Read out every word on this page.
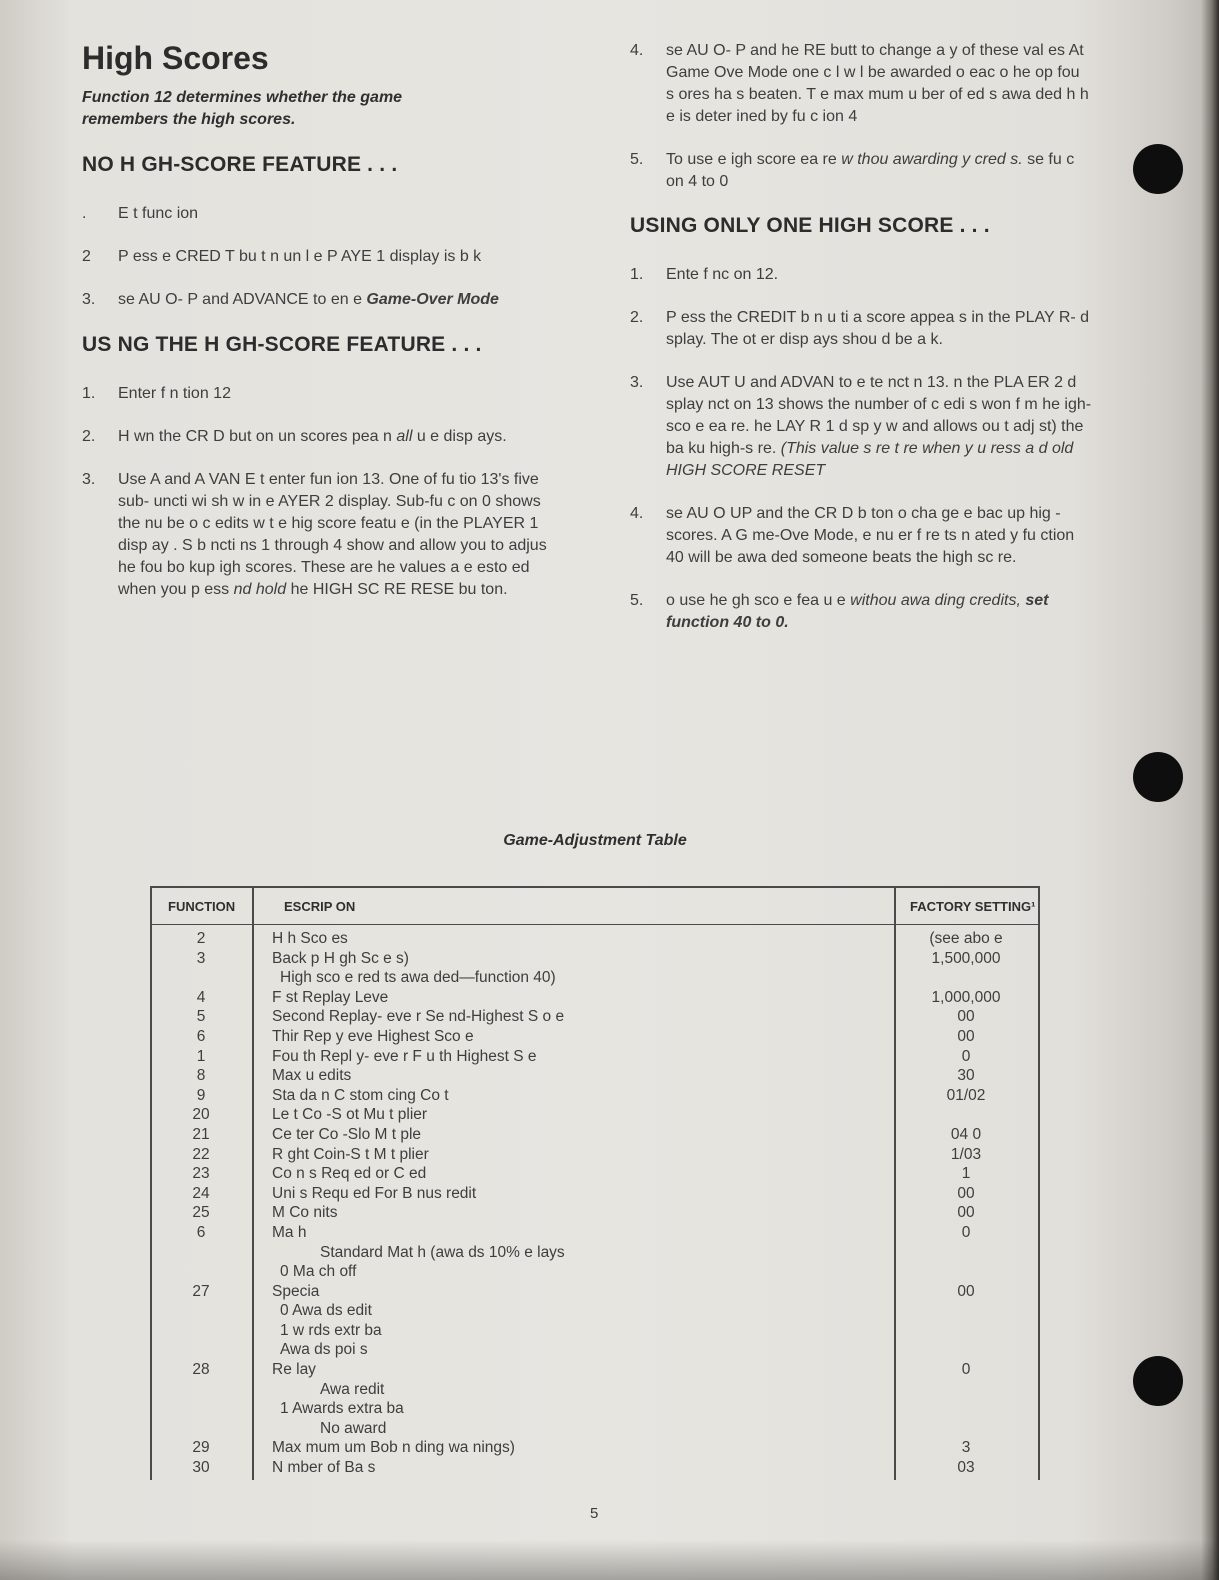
High Scores
Function 12 determines whether the game remembers the high scores.
NO H GH-SCORE FEATURE . . .
. E t func ion
2 P ess e CRED T bu t n un l e P AYE 1 display is b k
3. se AU O- P and ADVANCE to en e Game-Over Mode
US NG THE H GH-SCORE FEATURE . . .
1. Enter f n tion 12
2. H wn the CR D but on un scores pea n all u e disp ays.
3. Use A and A VAN E t enter fun ion 13. One of fu tio 13's five sub- uncti wi sh w in e AYER 2 display. Sub-fu c on 0 shows the nu be o c edits w t e hig score featu e (in the PLAYER 1 disp ay . S b ncti ns 1 through 4 show and allow you to adjus he fou bo kup igh scores. These are he values a e esto ed when you p ess nd hold he HIGH SC RE RESE bu ton.
4. se AU O- P and he RE butt to change a y of these val es At Game Ove Mode one c l w l be awarded o eac o he op fou s ores ha s beaten. T e max mum u ber of ed s awa ded h h e is deter ined by fu c ion 4
5. To use e igh score ea re w thou awarding y cred s. se fu c on 4 to 0
USING ONLY ONE HIGH SCORE . . .
1. Ente f nc on 12.
2. P ess the CREDIT b n u ti a score appea s in the PLAY R- d splay. The ot er disp ays shou d be a k.
3. Use AUT U and ADVAN to e te nct n 13. n the PLA ER 2 d splay nct on 13 shows the number of c edi s won f m he igh-sco e ea re. he LAY R 1 d sp y w and allows ou t adj st) the ba ku high-s re. (This value s re t re when y u ress a d old HIGH SCORE RESET
4. se AU O UP and the CR D b ton o cha ge e bac up hig -scores. A G me-Ove Mode, e nu er f re ts n ated y fu ction 40 will be awa ded someone beats the high sc re.
5. o use he gh sco e fea u e withou awa ding credits, set function 40 to 0.
Game-Adjustment Table
FUNCTION	ESCRIP ON	FACTORY SETTING¹
2	H h Sco es	(see abo e
3	Back p H gh Sc e s)	1,500,000
High sco e red ts awa ded—function 40)
4	F st Replay Leve	1,000,000
5	Second Replay- eve r Se nd-Highest S o e	00
6	Thir Rep y eve Highest Sco e	00
1	Fou th Repl y- eve r F u th Highest S e	0
8	Max u edits	30
9	Sta da n C stom cing Co t	01/02
20	Le t Co -S ot Mu t plier
21	Ce ter Co -Slo M t ple	04 0
22	R ght Coin-S t M t plier	1/03
23	Co n s Req ed or C ed	1
24	Uni s Requ ed For B nus redit	00
25	M Co nits	00
6	Ma h	0
Standard Mat h (awa ds 10% e lays
0 Ma ch off
27	Specia	00
0 Awa ds edit
1 w rds extr ba
Awa ds poi s
28	Re lay	0
Awa redit
1 Awards extra ba
No award
29	Max mum um Bob n ding wa nings)	3
30	N mber of Ba s	03
5
